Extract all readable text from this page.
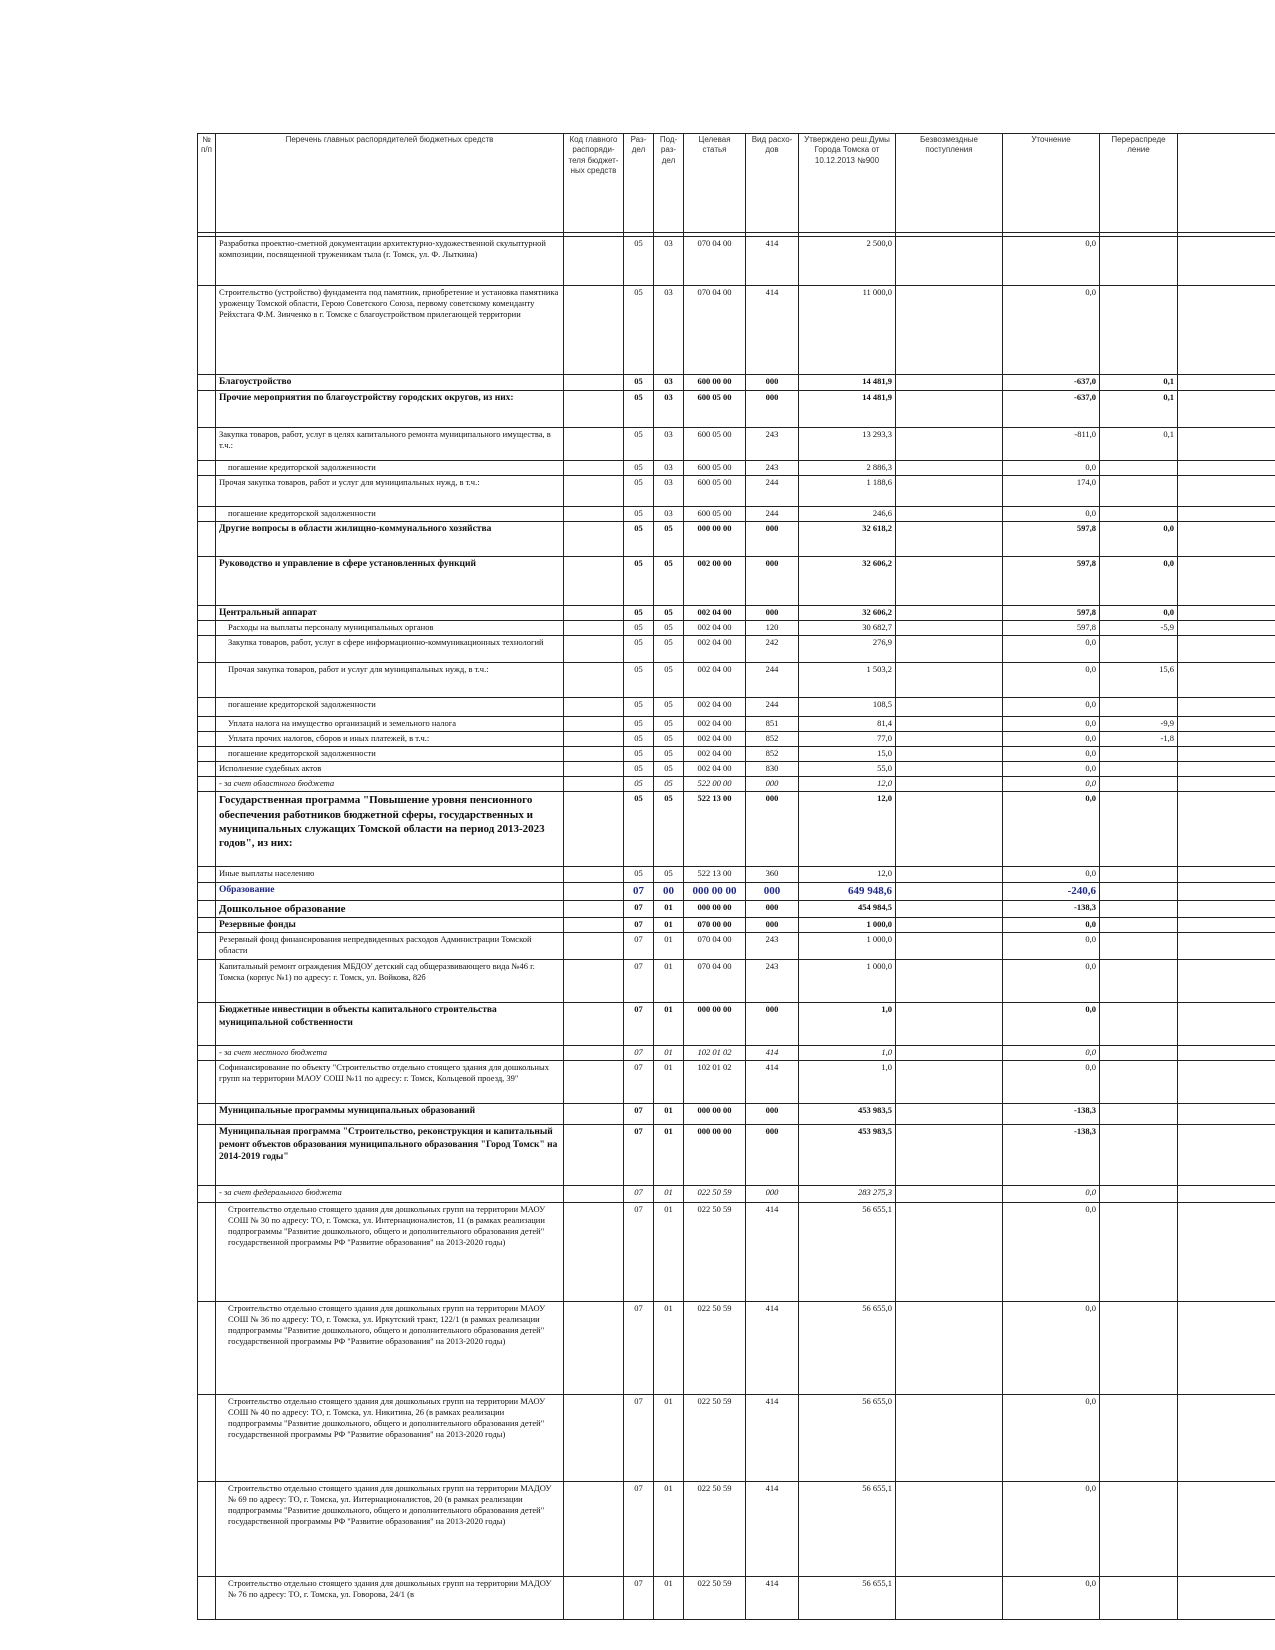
№ п/п	Перечень главных распорядителей бюджетных средств	Код главного распоряди-теля бюджет-ных средств	Раз-дел	Под-раз-дел	Целевая статья	Вид расхо-дов	Утверждено реш.Думы Города Томска от 10.12.2013 №900	Безвозмездные поступления	Уточнение	Перераспреде ление	

	Разработка проектно-сметной документации архитектурно-художественной скульптурной композиции, посвященной труженикам тыла (г. Томск, ул. Ф. Лыткина)		05	03	070 04 00	414	2 500,0		0,0		
	Строительство (устройство) фундамента под памятник, приобретение и установка памятника уроженцу Томской области, Герою Советского Союза, первому советскому коменданту Рейхстага Ф.М. Зинченко в г. Томске с благоустройством прилегающей территории		05	03	070 04 00	414	11 000,0		0,0		
	Благоустройство		05	03	600 00 00	000	14 481,9		-637,0	0,1	
	Прочие мероприятия по благоустройству городских округов, из них:		05	03	600 05 00	000	14 481,9		-637,0	0,1	
	Закупка товаров, работ, услуг в целях капитального ремонта муниципального имущества, в т.ч.:		05	03	600 05 00	243	13 293,3		-811,0	0,1	
	погашение кредиторской задолженности		05	03	600 05 00	243	2 886,3		0,0		
	Прочая закупка товаров, работ и услуг для муниципальных нужд, в т.ч.:		05	03	600 05 00	244	1 188,6		174,0		
	погашение кредиторской задолженности		05	03	600 05 00	244	246,6		0,0		
	Другие вопросы в области жилищно-коммунального хозяйства		05	05	000 00 00	000	32 618,2		597,8	0,0	
	Руководство и управление в сфере установленных функций		05	05	002 00 00	000	32 606,2		597,8	0,0	
	Центральный аппарат		05	05	002 04 00	000	32 606,2		597,8	0,0	
	Расходы на выплаты персоналу муниципальных органов		05	05	002 04 00	120	30 682,7		597,8	-5,9	
	Закупка товаров, работ, услуг в сфере информационно-коммуникационных технологий		05	05	002 04 00	242	276,9		0,0		
	Прочая закупка товаров, работ и услуг для муниципальных нужд, в т.ч.:		05	05	002 04 00	244	1 503,2		0,0	15,6	
	погашение кредиторской задолженности		05	05	002 04 00	244	108,5		0,0		
	Уплата налога на имущество организаций и земельного налога		05	05	002 04 00	851	81,4		0,0	-9,9	
	Уплата прочих налогов, сборов и иных платежей, в т.ч.:		05	05	002 04 00	852	77,0		0,0	-1,8	
	погашение кредиторской задолженности		05	05	002 04 00	852	15,0		0,0		
	Исполнение судебных актов		05	05	002 04 00	830	55,0		0,0		
	- за счет областного бюджета		05	05	522 00 00	000	12,0		0,0		
	Государственная программа "Повышение уровня пенсионного обеспечения работников бюджетной сферы, государственных и муниципальных служащих Томской области на период 2013-2023 годов", из них:		05	05	522 13 00	000	12,0		0,0		
	Иные выплаты населению		05	05	522 13 00	360	12,0		0,0		
	Образование		07	00	000 00 00	000	649 948,6		-240,6		
	Дошкольное образование		07	01	000 00 00	000	454 984,5		-138,3		
	Резервные фонды		07	01	070 00 00	000	1 000,0		0,0		
	Резервный фонд финансирования непредвиденных расходов Администрации Томской области		07	01	070 04 00	243	1 000,0		0,0		
	Капитальный ремонт ограждения МБДОУ детский сад общеразвивающего вида №46 г. Томска (корпус №1) по адресу: г. Томск, ул. Войкова, 82б		07	01	070 04 00	243	1 000,0		0,0		
	Бюджетные инвестиции в объекты капитального строительства муниципальной собственности		07	01	000 00 00	000	1,0		0,0		
	- за счет местного бюджета		07	01	102 01 02	414	1,0		0,0		
	Софинансирование по объекту "Строительство отдельно стоящего здания для дошкольных групп на территории МАОУ СОШ №11 по адресу: г. Томск, Кольцевой проезд, 39"		07	01	102 01 02	414	1,0		0,0		
	Муниципальные программы муниципальных образований		07	01	000 00 00	000	453 983,5		-138,3		
	Муниципальная программа "Строительство, реконструкция и капитальный ремонт объектов образования муниципального образования "Город Томск" на 2014-2019 годы"		07	01	000 00 00	000	453 983,5		-138,3		
	- за счет федерального бюджета		07	01	022 50 59	000	283 275,3		0,0		
	Строительство отдельно стоящего здания для дошкольных групп на территории МАОУ СОШ № 30 по адресу: ТО, г. Томска, ул. Интернационалистов, 11 (в рамках реализации подпрограммы "Развитие дошкольного, общего и дополнительного образования детей" государственной программы РФ "Развитие образования" на 2013-2020 годы)		07	01	022 50 59	414	56 655,1		0,0		
	Строительство отдельно стоящего здания для дошкольных групп на территории МАОУ СОШ № 36 по адресу: ТО, г. Томска, ул. Иркутский тракт, 122/1 (в рамках реализации подпрограммы "Развитие дошкольного, общего и дополнительного образования детей" государственной программы РФ "Развитие образования" на 2013-2020 годы)		07	01	022 50 59	414	56 655,0		0,0		
	Строительство отдельно стоящего здания для дошкольных групп на территории МАОУ СОШ № 40 по адресу: ТО, г. Томска, ул. Никитина, 26 (в рамках реализации подпрограммы "Развитие дошкольного, общего и дополнительного образования детей" государственной программы РФ "Развитие образования" на 2013-2020 годы)		07	01	022 50 59	414	56 655,0		0,0		
	Строительство отдельно стоящего здания для дошкольных групп на территории МАДОУ № 69 по адресу: ТО, г. Томска, ул. Интернационалистов, 20 (в рамках реализации подпрограммы "Развитие дошкольного, общего и дополнительного образования детей" государственной программы РФ "Развитие образования" на 2013-2020 годы)		07	01	022 50 59	414	56 655,1		0,0		
	Строительство отдельно стоящего здания для дошкольных групп на территории МАДОУ № 76 по адресу: ТО, г. Томска, ул. Говорова, 24/1 (в		07	01	022 50 59	414	56 655,1		0,0		
